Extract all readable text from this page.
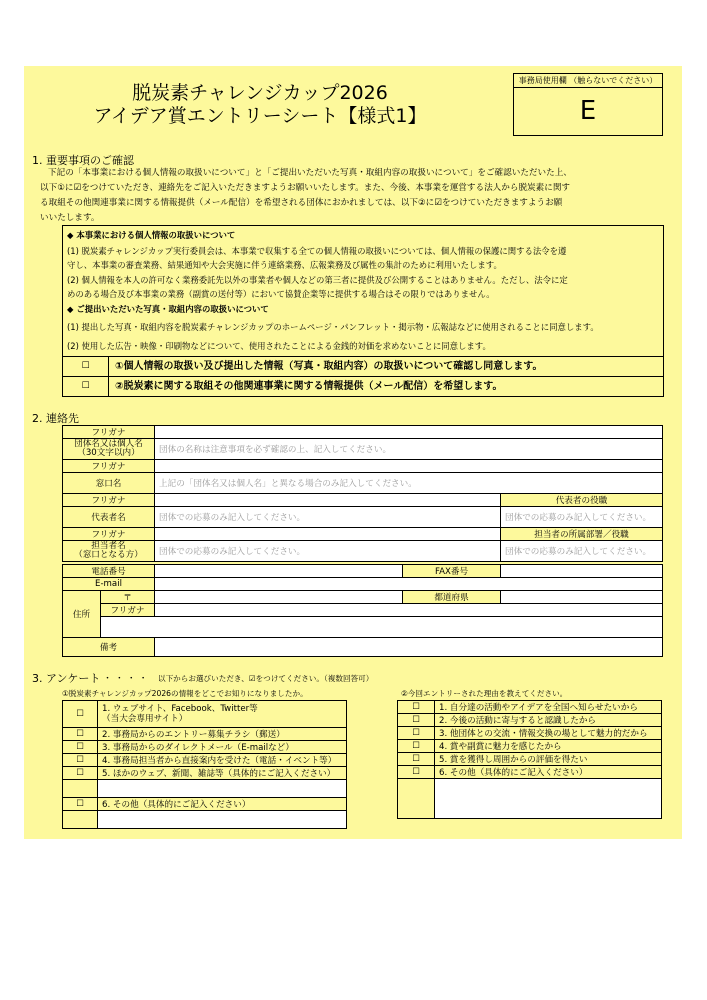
脱炭素チャレンジカップ2026
アイデア賞エントリーシート【様式1】
事務局使用欄 （触らないでください）
E
1. 重要事項のご確認
下記の「本事業における個人情報の取扱いについて」と「ご提出いただいた写真・取組内容の取扱いについて」をご確認いただいた上、
以下①に☑をつけていただき、連絡先をご記入いただきますようお願いいたします。また、今後、本事業を運営する法人から脱炭素に関す
る取組その他関連事業に関する情報提供（メール配信）を希望される団体におかれましては、以下②に☑をつけていただきますようお願
いいたします。
◆ 本事業における個人情報の取扱いについて
(1) 脱炭素チャレンジカップ実行委員会は、本事業で収集する全ての個人情報の取扱いについては、個人情報の保護に関する法令を遵
守し、本事業の審査業務、結果通知や大会実施に伴う連絡業務、広報業務及び属性の集計のために利用いたします。
(2) 個人情報を本人の許可なく業務委託先以外の事業者や個人などの第三者に提供及び公開することはありません。ただし、法令に定
めのある場合及び本事業の業務（副賞の送付等）において協賛企業等に提供する場合はその限りではありません。
◆ ご提出いただいた写真・取組内容の取扱いについて
(1) 提出した写真・取組内容を脱炭素チャレンジカップのホームページ・パンフレット・掲示物・広報誌などに使用されることに同意します。
(2) 使用した広告・映像・印刷物などについて、使用されたことによる金銭的対価を求めないことに同意します。
☐	①個人情報の取扱い及び提出した情報（写真・取組内容）の取扱いについて確認し同意します。
☐	②脱炭素に関する取組その他関連事業に関する情報提供（メール配信）を希望します。
2. 連絡先
フリガナ		
団体名又は個人名
（30文字以内）	団体の名称は注意事項を必ず確認の上、記入してください。	
フリガナ		
窓口名	上記の「団体名又は個人名」と異なる場合のみ記入してください。	
フリガナ		代表者の役職
代表者名	団体での応募のみ記入してください。	団体での応募のみ記入してください。
フリガナ		担当者の所属部署／役職
担当者名
（窓口となる方）	団体での応募のみ記入してください。	団体での応募のみ記入してください。
電話番号			FAX番号	
E-mail				
住所	〒		都道府県	
	フリガナ			

備考				
3. アンケート ・ ・ ・ ・ 以下からお選びいただき、☑をつけてください。（複数回答可）
①脱炭素チャレンジカップ2026の情報をどこでお知りになりましたか。	②今回エントリーされた理由を教えてください。
☐	1. ウェブサイト、Facebook、Twitter等
（当大会専用サイト）
☐	2. 事務局からのエントリー募集チラシ（郵送）
☐	3. 事務局からのダイレクトメール（E-mailなど）
☐	4. 事務局担当者から直接案内を受けた（電話・イベント等）
☐	5. ほかのウェブ、新聞、雑誌等（具体的にご記入ください）

☐	6. その他（具体的にご記入ください）

☐	1. 自分達の活動やアイデアを全国へ知らせたいから
☐	2. 今後の活動に寄与すると認識したから
☐	3. 他団体との交流・情報交換の場として魅力的だから
☐	4. 賞や副賞に魅力を感じたから
☐	5. 賞を獲得し周囲からの評価を得たい
☐	6. その他（具体的にご記入ください）
